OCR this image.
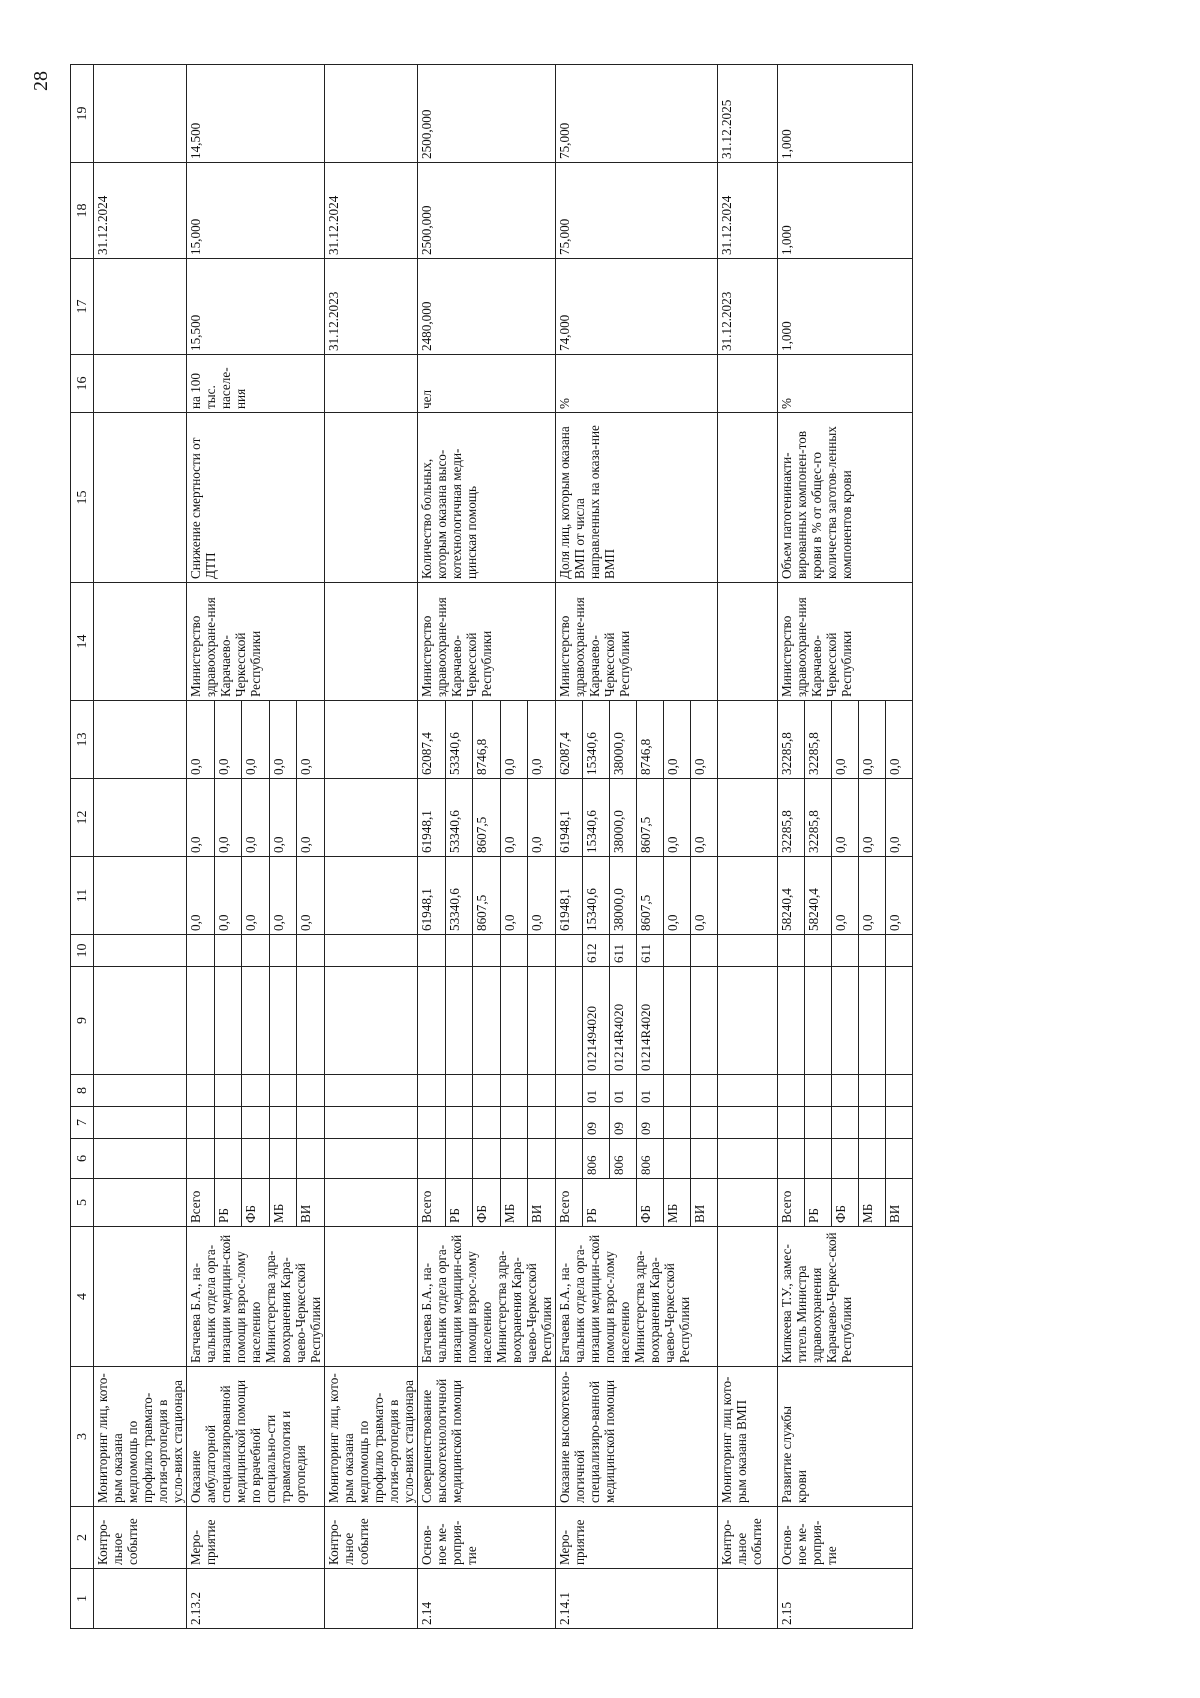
28
1	2	3	4	5	6	7	8	9	10	11	12	13	14	15	16	17	18	19
	Контро-льное событие	Мониторинг лиц, кото-рым оказана медпомощь по профилю травмато-логия-ортопедия в усло-виях стационара															31.12.2024	
2.13.2	Меро-приятие	Оказание амбулаторной специализированной медицинской помощи по врачебной специально-сти травматология и ортопедия	Батчаева Б.А., на-чальник отдела орга-низации медицин-ской помощи взрос-лому населению Министерства здра-воохранения Кара-чаево-Черкесской Республики	Всего						0,0	0,0	0,0	Министерство здравоохране-ния Карачаево-Черкесской Республики	Снижение смертности от ДТП	на 100 тыс. населе-ния	15,500	15,000	14,500
				РБ						0,0	0,0	0,0						
				ФБ						0,0	0,0	0,0						
				МБ						0,0	0,0	0,0						
				ВИ						0,0	0,0	0,0						
	Контро-льное событие	Мониторинг лиц, кото-рым оказана медпомощь по профилю травмато-логия-ортопедия в усло-виях стационара														31.12.2023	31.12.2024	
2.14	Основ-ное ме-роприя-тие	Совершенствование высокотехнологичной медицинской помощи	Батчаева Б.А., на-чальник отдела орга-низации медицин-ской помощи взрос-лому населению Министерства здра-воохранения Кара-чаево-Черкесской Республики	Всего						61948,1	61948,1	62087,4	Министерство здравоохране-ния Карачаево-Черкесской Республики	Количество больных, которым оказана высо-котехнологичная меди-цинская помощь	чел	2480,000	2500,000	2500,000
				РБ						53340,6	53340,6	53340,6						
				ФБ						8607,5	8607,5	8746,8						
				МБ						0,0	0,0	0,0						
				ВИ						0,0	0,0	0,0						
2.14.1	Меро-приятие	Оказание высокотехно-логичной специализиро-ванной медицинской помощи	Батчаева Б.А., на-чальник отдела орга-низации медицин-ской помощи взрос-лому населению Министерства здра-воохранения Кара-чаево-Черкесской Республики	Всего						61948,1	61948,1	62087,4	Министерство здравоохране-ния Карачаево-Черкесской Республики	Доля лиц, которым оказана ВМП от числа направленных на оказа-ние ВМП	%	74,000	75,000	75,000
				РБ	806	09	01	0121494020	612	15340,6	15340,6	15340,6						
					806	09	01	01214R4020	611	38000,0	38000,0	38000,0						
				ФБ	806	09	01	01214R4020	611	8607,5	8607,5	8746,8						
				МБ						0,0	0,0	0,0						
				ВИ						0,0	0,0	0,0						
	Контро-льное событие	Мониторинг лиц кото-рым оказана ВМП														31.12.2023	31.12.2024	31.12.2025
2.15	Основ-ное ме-роприя-тие	Развитие службы крови	Кипкеева Т.У., замес-титель Министра здравоохранения Карачаево-Черкес-ской Республики	Всего						58240,4	32285,8	32285,8	Министерство здравоохране-ния Карачаево-Черкесской Республики	Объем патогенинакти-вированных компонен-тов крови в % от общес-го количества заготов-ленных компонентов крови	%	1,000	1,000	1,000
				РБ						58240,4	32285,8	32285,8						
				ФБ						0,0	0,0	0,0						
				МБ						0,0	0,0	0,0						
				ВИ						0,0	0,0	0,0						
